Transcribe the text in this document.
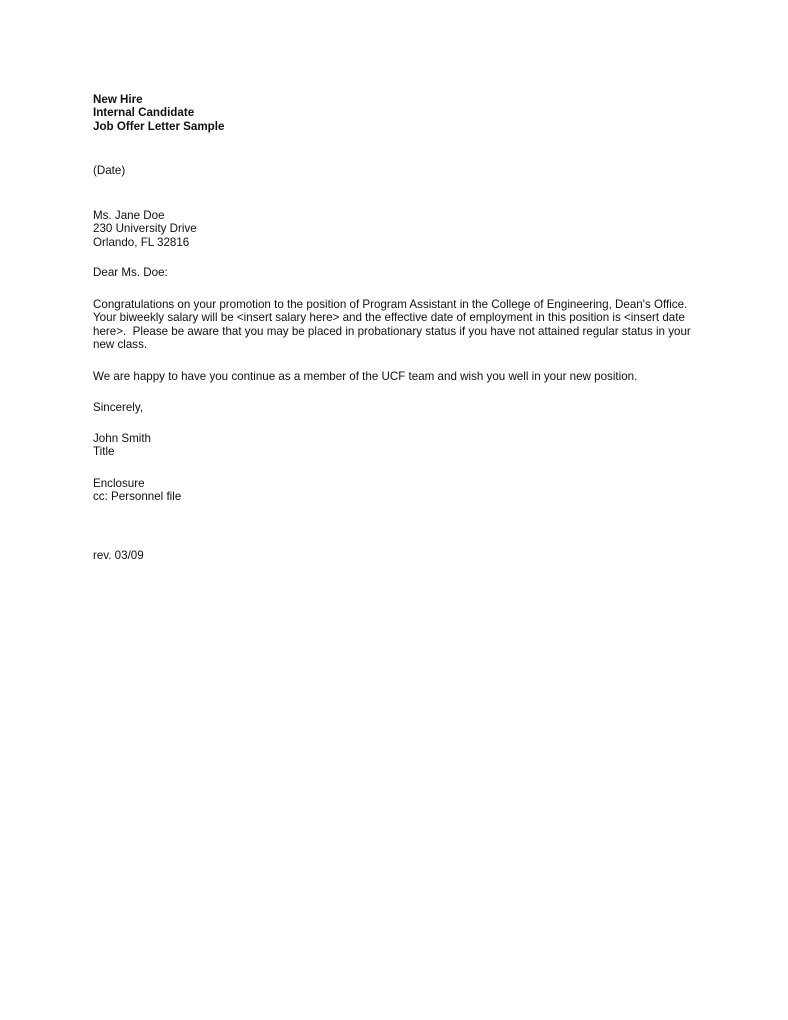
New Hire
Internal Candidate
Job Offer Letter Sample
(Date)
Ms. Jane Doe
230 University Drive
Orlando, FL 32816
Dear Ms. Doe:
Congratulations on your promotion to the position of Program Assistant in the College of Engineering, Dean's Office.
Your biweekly salary will be <insert salary here> and the effective date of employment in this position is <insert date
here>.  Please be aware that you may be placed in probationary status if you have not attained regular status in your
new class.
We are happy to have you continue as a member of the UCF team and wish you well in your new position.
Sincerely,
John Smith
Title
Enclosure
cc: Personnel file
rev. 03/09
